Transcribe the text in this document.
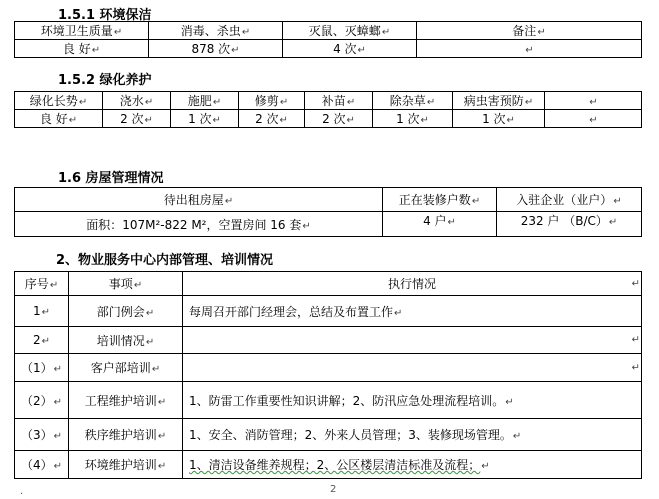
1.5.1 环境保洁
环境卫生质量↵	消毒、杀虫↵	灭鼠、灭蟑螂↵	备注↵
良 好↵	878 次↵	4 次↵	↵
1.5.2 绿化养护
绿化长势↵	浇水↵	施肥↵	修剪↵	补苗↵	除杂草↵	病虫害预防↵	↵
良 好↵	2 次↵	1 次↵	2 次↵	2 次↵	1 次↵	1 次↵	↵
1.6 房屋管理情况
待出租房屋↵	正在装修户数↵	入驻企业（业户）↵
面积：107M²-822 M²，空置房间 16 套↵	4 户↵	232 户 （B/C）↵
2、物业服务中心内部管理、培训情况
序号↵	事项↵	执行情况 ↵

1↵	部门例会↵	每周召开部门经理会，总结及布置工作↵
2↵	培训情况↵	↵

（1）↵	客户部培训↵	↵

（2）↵	工程维护培训↵	1、防雷工作重要性知识讲解；2、防汛应急处理流程培训。↵
（3）↵	秩序维护培训↵	1、安全、消防管理；2、外来人员管理；3、装修现场管理。↵
（4）↵	环境维护培训↵	1、清洁设备维养规程；2、公区楼层清洁标准及流程；↵
.	2
